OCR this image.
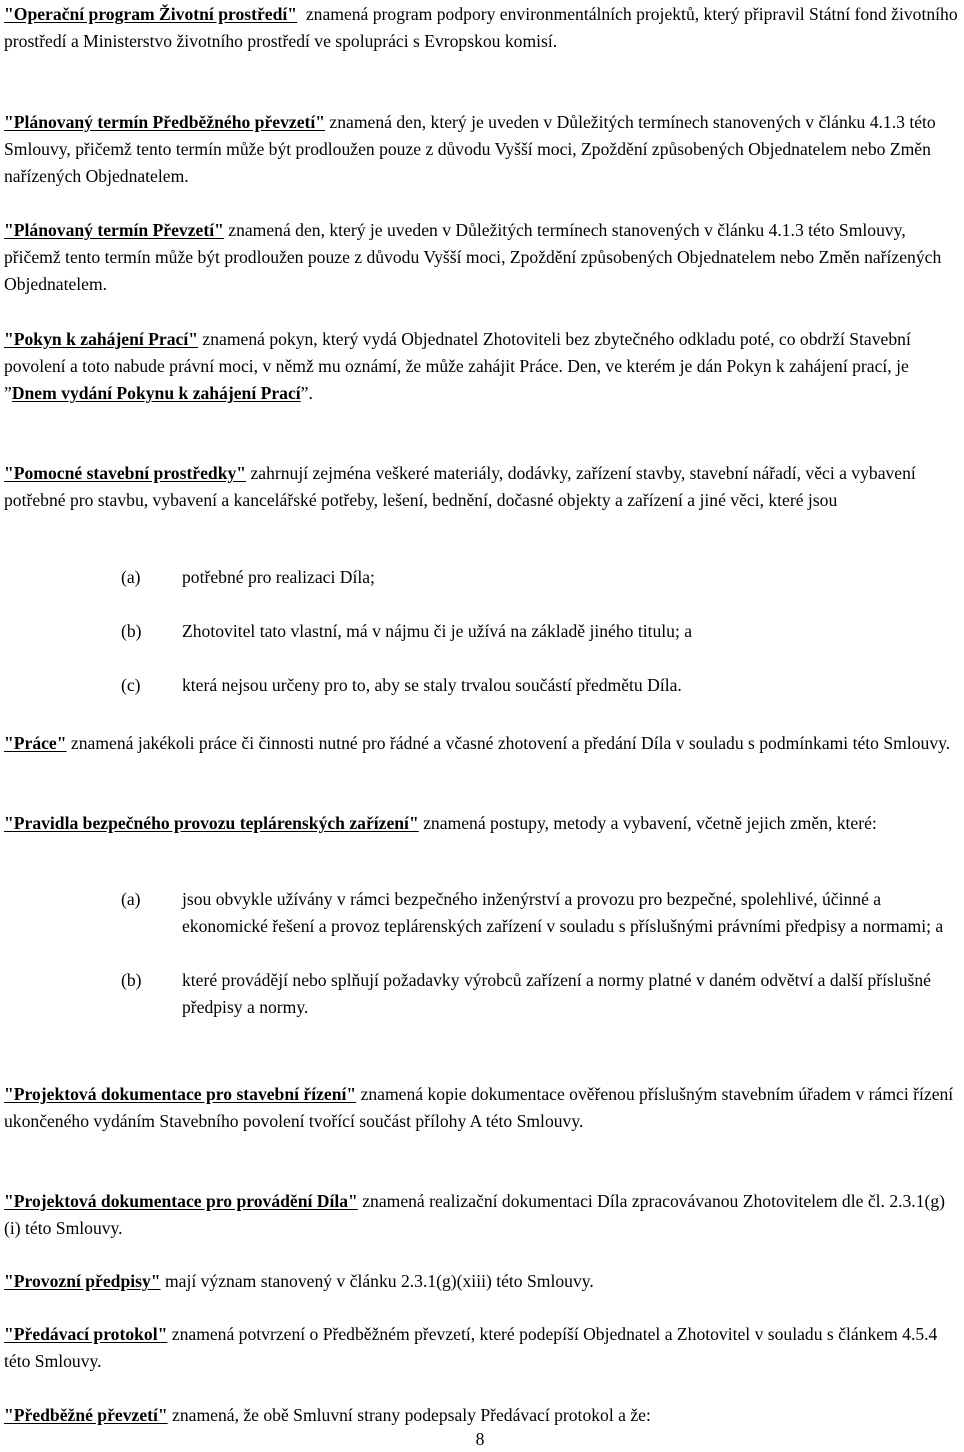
"Operační program Životní prostředí"  znamená program podpory environmentálních projektů, který připravil Státní fond životního prostředí a Ministerstvo životního prostředí ve spolupráci s Evropskou komisí.

"Plánovaný termín Předběžného převzetí" znamená den, který je uveden v Důležitých termínech stanovených v článku 4.1.3 této Smlouvy, přičemž tento termín může být prodloužen pouze z důvodu Vyšší moci, Zpoždění způsobených Objednatelem nebo Změn nařízených Objednatelem.

"Plánovaný termín Převzetí" znamená den, který je uveden v Důležitých termínech stanovených v článku 4.1.3 této Smlouvy, přičemž tento termín může být prodloužen pouze z důvodu Vyšší moci, Zpoždění způsobených Objednatelem nebo Změn nařízených Objednatelem.

"Pokyn k zahájení Prací" znamená pokyn, který vydá Objednatel Zhotoviteli bez zbytečného odkladu poté, co obdrží Stavební povolení a toto nabude právní moci, v němž mu oznámí, že může zahájit Práce. Den, ve kterém je dán Pokyn k zahájení prací, je ”Dnem vydání Pokynu k zahájení Prací”.

"Pomocné stavební prostředky" zahrnují zejména veškeré materiály, dodávky, zařízení stavby, stavební nářadí, věci a vybavení potřebné pro stavbu, vybavení a kancelářské potřeby, lešení, bednění, dočasné objekty a zařízení a jiné věci, které jsou

(a)	potřebné pro realizaci Díla;
(b)	Zhotovitel tato vlastní, má v nájmu či je užívá na základě jiného titulu; a
(c)	která nejsou určeny pro to, aby se staly trvalou součástí předmětu Díla.

"Práce" znamená jakékoli práce či činnosti nutné pro řádné a včasné zhotovení a předání Díla v souladu s podmínkami této Smlouvy.

"Pravidla bezpečného provozu teplárenských zařízení" znamená postupy, metody a vybavení, včetně jejich změn, které:

(a)	jsou obvykle užívány v rámci bezpečného inženýrství a provozu pro bezpečné, spolehlivé, účinné a ekonomické řešení a provoz teplárenských zařízení v souladu s příslušnými právními předpisy a normami; a
(b)	které provádějí nebo splňují požadavky výrobců zařízení a normy platné v daném odvětví a další příslušné předpisy a normy.

"Projektová dokumentace pro stavební řízení" znamená kopie dokumentace ověřenou příslušným stavebním úřadem v rámci řízení ukončeného vydáním Stavebního povolení tvořící součást přílohy A této Smlouvy.

"Projektová dokumentace pro provádění Díla" znamená realizační dokumentaci Díla zpracovávanou Zhotovitelem dle čl. 2.3.1(g)(i) této Smlouvy.

"Provozní předpisy" mají význam stanovený v článku 2.3.1(g)(xiii) této Smlouvy.

"Předávací protokol" znamená potvrzení o Předběžném převzetí, které podepíší Objednatel a Zhotovitel v souladu s článkem 4.5.4 této Smlouvy.

"Předběžné převzetí" znamená, že obě Smluvní strany podepsaly Předávací protokol a že:

8
